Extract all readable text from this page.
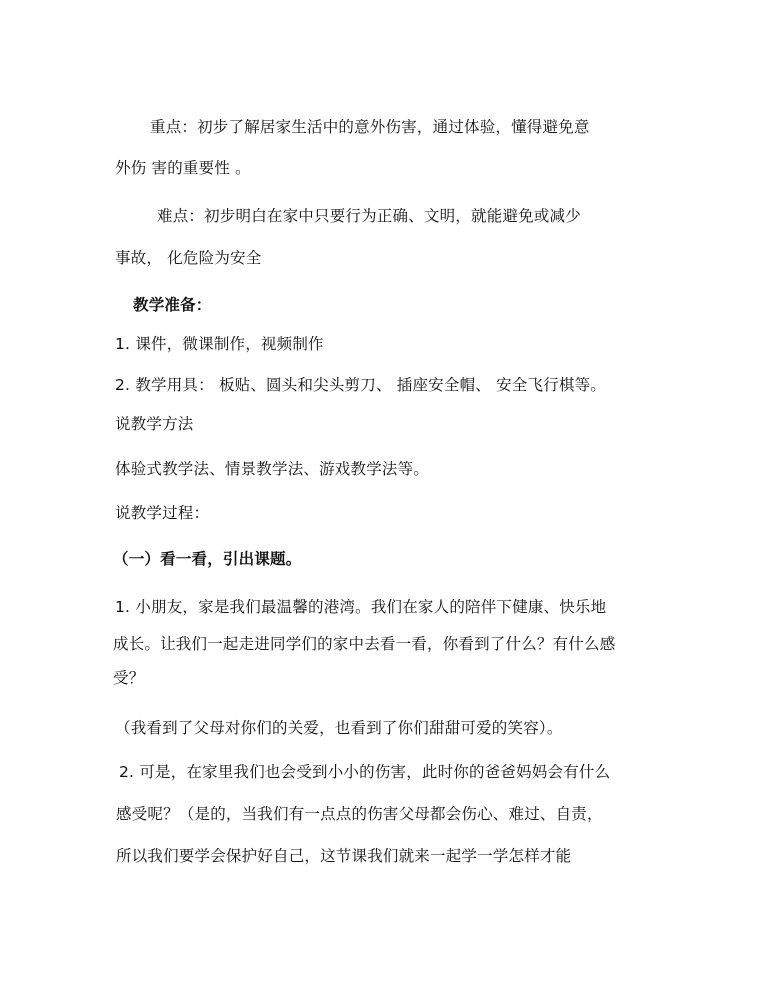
重点：初步了解居家生活中的意外伤害，通过体验，懂得避免意
外伤 害的重要性 。
难点：初步明白在家中只要行为正确、文明，就能避免或减少
事故， 化危险为安全
教学准备：
1. 课件，微课制作，视频制作
2. 教学用具： 板贴、圆头和尖头剪刀、 插座安全帽、 安全飞行棋等。
说教学方法
体验式教学法、情景教学法、游戏教学法等。
说教学过程：
（一）看一看，引出课题。
1. 小朋友，家是我们最温馨的港湾。我们在家人的陪伴下健康、快乐地
成长。让我们一起走进同学们的家中去看一看，你看到了什么？有什么感
受？
（我看到了父母对你们的关爱，也看到了你们甜甜可爱的笑容）。
2. 可是，在家里我们也会受到小小的伤害，此时你的爸爸妈妈会有什么
感受呢？（是的，当我们有一点点的伤害父母都会伤心、难过、自责，
所以我们要学会保护好自己，这节课我们就来一起学一学怎样才能
